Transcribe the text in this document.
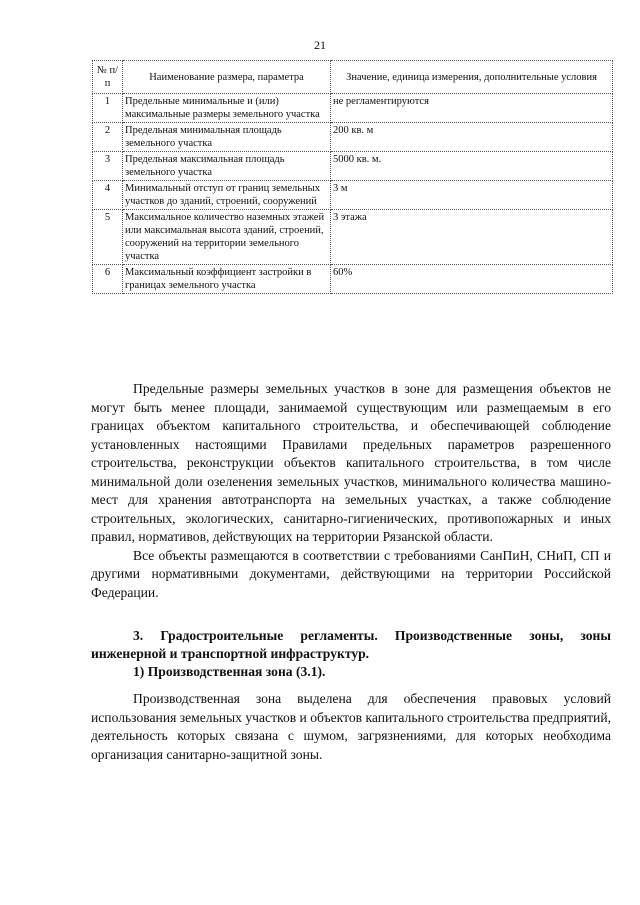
21
№ п/п	Наименование размера, параметра	Значение, единица измерения, дополнительные условия
1	Предельные минимальные и (или) максимальные размеры земельного участка	не регламентируются
2	Предельная минимальная площадь земельного участка	200 кв. м
3	Предельная максимальная площадь земельного участка	5000 кв. м.
4	Минимальный отступ от границ земельных участков до зданий, строений, сооружений	3 м
5	Максимальное количество наземных этажей или максимальная высота зданий, строений, сооружений на территории земельного участка	3 этажа
6	Максимальный коэффициент застройки в границах земельного участка	60%

Предельные размеры земельных участков в зоне для размещения объектов не могут быть менее площади, занимаемой существующим или размещаемым в его границах объектом капитального строительства, и обеспечивающей соблюдение установленных настоящими Правилами предельных параметров разрешенного строительства, реконструкции объектов капитального строительства, в том числе минимальной доли озеленения земельных участков, минимального количества машино-мест для хранения автотранспорта на земельных участках, а также соблюдение строительных, экологических, санитарно-гигиенических, противопожарных и иных правил, нормативов, действующих на территории Рязанской области.

Все объекты размещаются в соответствии с требованиями СанПиН, СНиП, СП и другими нормативными документами, действующими на территории Российской Федерации.

3. Градостроительные регламенты. Производственные зоны, зоны инженерной и транспортной инфраструктур.

1) Производственная зона (3.1).

Производственная зона выделена для обеспечения правовых условий использования земельных участков и объектов капитального строительства предприятий, деятельность которых связана с шумом, загрязнениями, для которых необходима организация санитарно-защитной зоны.
